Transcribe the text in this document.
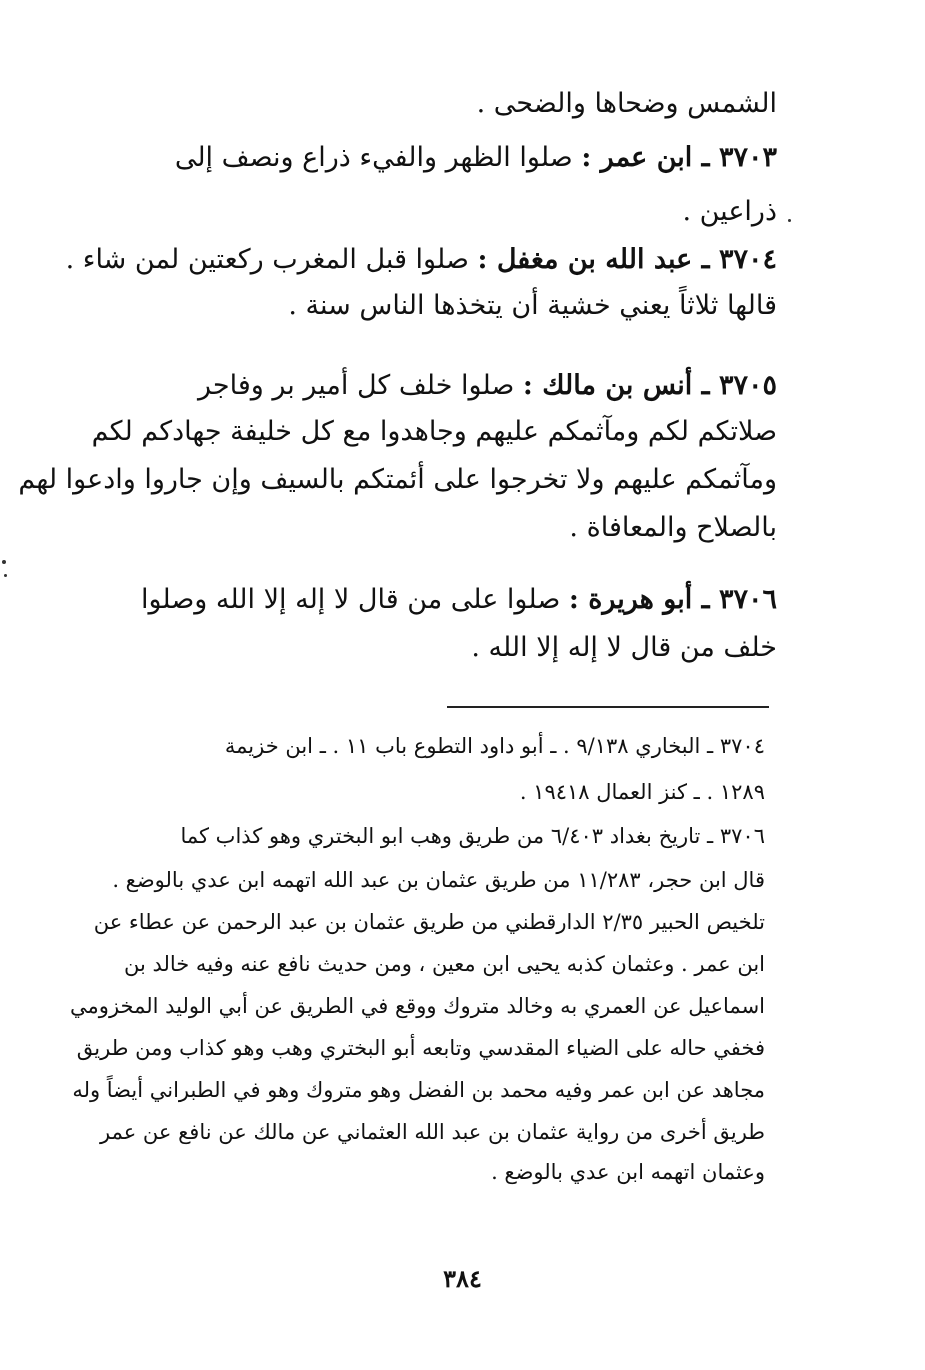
الشمس وضحاها والضحى .
٣٧٠٣ ـ ابن عمر : صلوا الظهر والفيء ذراع ونصف إلى
ذراعين .
٣٧٠٤ ـ عبد الله بن مغفل : صلوا قبل المغرب ركعتين لمن شاء .
قالها ثلاثاً يعني خشية أن يتخذها الناس سنة .
٣٧٠٥ ـ أنس بن مالك : صلوا خلف كل أمير بر وفاجر
صلاتكم لكم ومآثمكم عليهم وجاهدوا مع كل خليفة جهادكم لكم
ومآثمكم عليهم ولا تخرجوا على أئمتكم بالسيف وإن جاروا وادعوا لهم
بالصلاح والمعافاة .
٣٧٠٦ ـ أبو هريرة : صلوا على من قال لا إله إلا الله وصلوا
خلف من قال لا إله إلا الله .
٣٧٠٤ ـ البخاري ٩/١٣٨ . ـ أبو داود التطوع باب ١١ . ـ ابن خزيمة
١٢٨٩ . ـ كنز العمال ١٩٤١٨ .
٣٧٠٦ ـ تاريخ بغداد ٦/٤٠٣ من طريق وهب ابو البختري وهو كذاب كما
قال ابن حجر، ١١/٢٨٣ من طريق عثمان بن عبد الله اتهمه ابن عدي بالوضع .
تلخيص الحبير ٢/٣٥ الدارقطني من طريق عثمان بن عبد الرحمن عن عطاء عن
ابن عمر . وعثمان كذبه يحيى ابن معين ، ومن حديث نافع عنه وفيه خالد بن
اسماعيل عن العمري به وخالد متروك ووقع في الطريق عن أبي الوليد المخزومي
فخفي حاله على الضياء المقدسي وتابعه أبو البختري وهب وهو كذاب ومن طريق
مجاهد عن ابن عمر وفيه محمد بن الفضل وهو متروك وهو في الطبراني أيضاً وله
طريق أخرى من رواية عثمان بن عبد الله العثماني عن مالك عن نافع عن عمر
وعثمان اتهمه ابن عدي بالوضع .
٣٨٤
